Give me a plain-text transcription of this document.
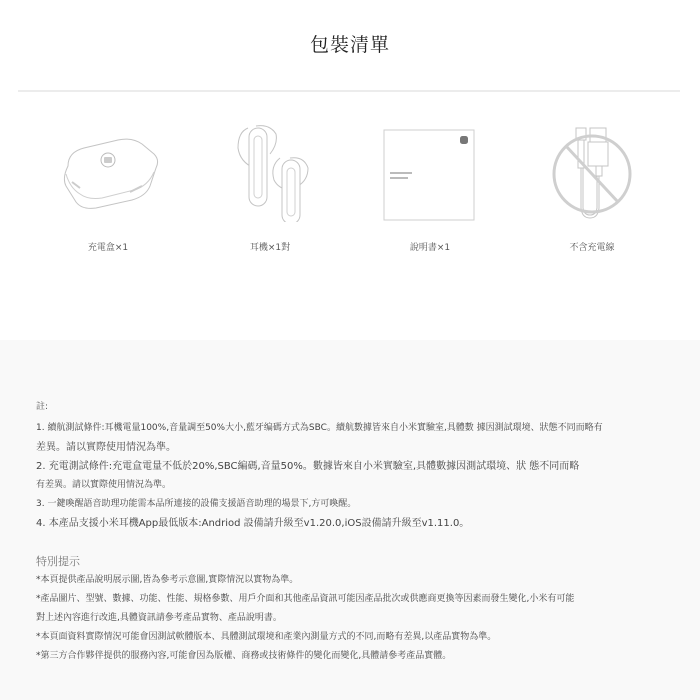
包裝清單
充電盒×1	耳機×1對	說明書×1	不含充電線
註:
1. 續航測試條件:耳機電量100%,音量調至50%大小,藍牙编碼方式為SBC。續航數據皆來自小米實驗室,具體數 據因測試環境、狀態不同而略有
差異。請以實際使用情況為準。
2. 充電測試條件:充電盒電量不低於20%,SBC編碼,音量50%。數據皆來自小米實驗室,具體數據因測試環境、狀 態不同而略
有差異。請以實際使用情況為準。
3. 一鍵喚醒語音助理功能需本品所連接的設備支援語音助理的場景下,方可喚醒。
4. 本產品支援小米耳機App最低版本:Andriod 設備請升級至v1.20.0,iOS設備請升級至v1.11.0。
特別提示
*本頁提供產品說明展示圖,皆為參考示意圖,實際情況以實物為準。
*產品圖片、型號、數據、功能、性能、規格參數、用戶介面和其他產品資訊可能因產品批次或供應商更換等因素而發生變化,小米有可能
對上述內容進行改進,具體資訊請參考產品實物、產品說明書。
*本頁面資料實際情況可能會因測試軟體版本、具體測試環境和產業內測量方式的不同,而略有差異,以產品實物為準。
*第三方合作夥伴提供的服務內容,可能會因為版權、商務或技術條件的變化而變化,具體請參考產品實體。
